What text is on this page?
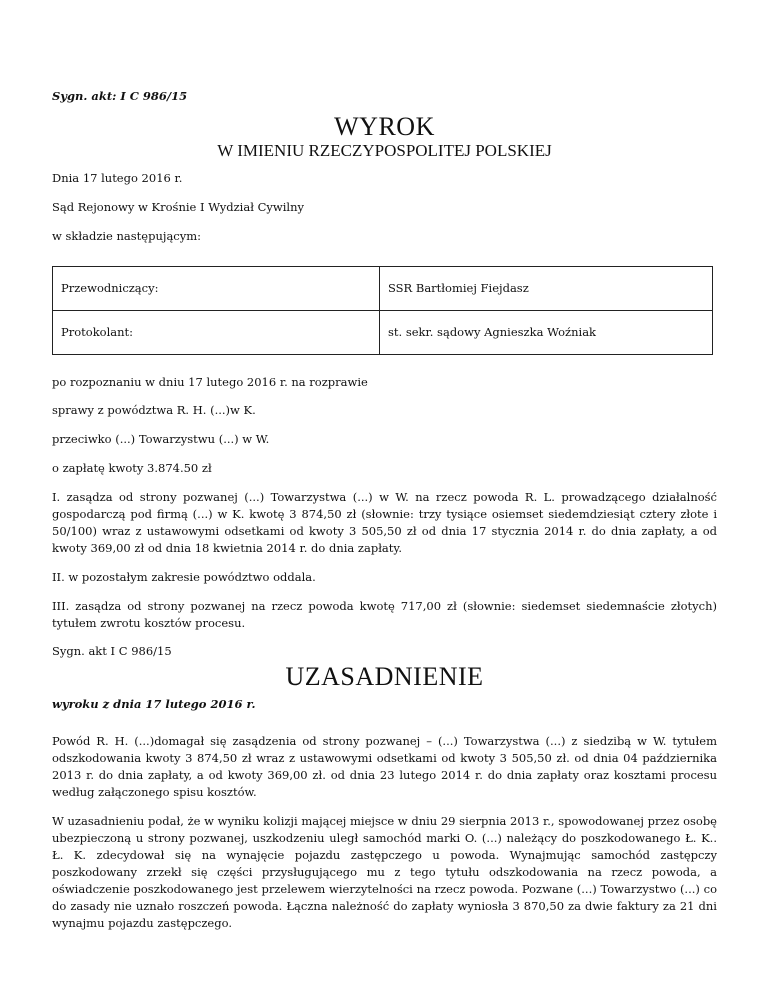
Sygn. akt: I C 986/15
WYROK
W IMIENIU RZECZYPOSPOLITEJ POLSKIEJ
Dnia 17 lutego 2016 r.
Sąd Rejonowy w Krośnie I Wydział Cywilny
w składzie następującym:
Przewodniczący:	SSR Bartłomiej Fiejdasz
Protokolant:	st. sekr. sądowy Agnieszka Woźniak
po rozpoznaniu w dniu 17 lutego 2016 r. na rozprawie
sprawy z powództwa R. H. (...)w K.
przeciwko (...) Towarzystwu (...) w W.
o zapłatę kwoty 3.874.50 zł
I. zasądza od strony pozwanej (...) Towarzystwa (...) w W. na rzecz powoda R. L. prowadzącego działalność gospodarczą pod firmą (...) w K. kwotę 3 874,50 zł (słownie: trzy tysiące osiemset siedemdziesiąt cztery złote i 50/100) wraz z ustawowymi odsetkami od kwoty 3 505,50 zł od dnia 17 stycznia 2014 r. do dnia zapłaty, a od kwoty 369,00 zł od dnia 18 kwietnia 2014 r. do dnia zapłaty.
II. w pozostałym zakresie powództwo oddala.
III. zasądza od strony pozwanej na rzecz powoda kwotę 717,00 zł (słownie: siedemset siedemnaście złotych) tytułem zwrotu kosztów procesu.
Sygn. akt I C 986/15
UZASADNIENIE
wyroku z dnia 17 lutego 2016 r.
Powód R. H. (...)domagał się zasądzenia od strony pozwanej – (...) Towarzystwa (...) z siedzibą w W. tytułem odszkodowania kwoty 3 874,50 zł wraz z ustawowymi odsetkami od kwoty 3 505,50 zł. od dnia 04 października 2013 r. do dnia zapłaty, a od kwoty 369,00 zł. od dnia 23 lutego 2014 r. do dnia zapłaty oraz kosztami procesu według załączonego spisu kosztów.
W uzasadnieniu podał, że w wyniku kolizji mającej miejsce w dniu 29 sierpnia 2013 r., spowodowanej przez osobę ubezpieczoną u strony pozwanej, uszkodzeniu uległ samochód marki O. (...) należący do poszkodowanego Ł. K.. Ł. K. zdecydował się na wynajęcie pojazdu zastępczego u powoda. Wynajmując samochód zastępczy poszkodowany zrzekł się części przysługującego mu z tego tytułu odszkodowania na rzecz powoda, a oświadczenie poszkodowanego jest przelewem wierzytelności na rzecz powoda. Pozwane (...) Towarzystwo (...) co do zasady nie uznało roszczeń powoda. Łączna należność do zapłaty wyniosła 3 870,50 za dwie faktury za 21 dni wynajmu pojazdu zastępczego.
